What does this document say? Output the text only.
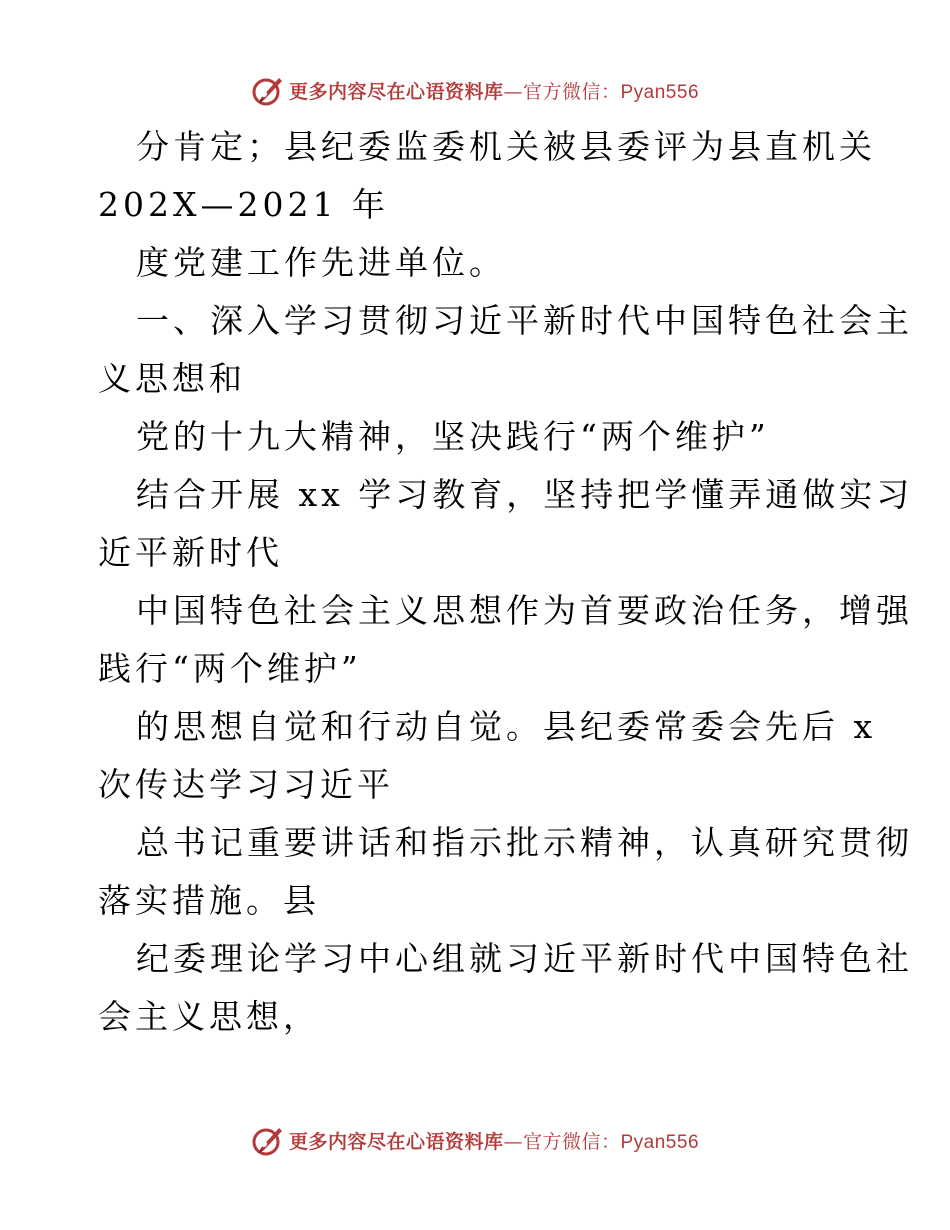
更多内容尽在心语资料库—官方微信：Pyan556
分肯定；县纪委监委机关被县委评为县直机关
202X—2021 年
度党建工作先进单位。
一、深入学习贯彻习近平新时代中国特色社会主
义思想和
党的十九大精神，坚决践行“两个维护”
结合开展 xx 学习教育，坚持把学懂弄通做实习
近平新时代
中国特色社会主义思想作为首要政治任务，增强
践行“两个维护”
的思想自觉和行动自觉。县纪委常委会先后 x
次传达学习习近平
总书记重要讲话和指示批示精神，认真研究贯彻
落实措施。县
纪委理论学习中心组就习近平新时代中国特色社
会主义思想，
更多内容尽在心语资料库—官方微信：Pyan556
